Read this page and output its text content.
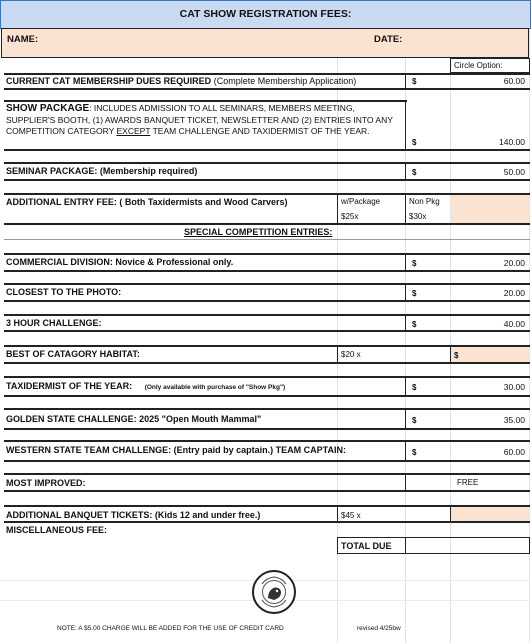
CAT SHOW REGISTRATION FEES:
NAME:	DATE:
Circle Option:
CURRENT CAT MEMBERSHIP DUES REQUIRED (Complete Membership Application)	$	60.00
SHOW PACKAGE: INCLUDES ADMISSION TO ALL SEMINARS, MEMBERS MEETING, SUPPLIER'S BOOTH, (1) AWARDS BANQUET TICKET, NEWSLETTER AND (2) ENTRIES INTO ANY COMPETITION CATEGORY EXCEPT TEAM CHALLENGE AND TAXIDERMIST OF THE YEAR.
$	140.00
SEMINAR PACKAGE: (Membership required)	$	50.00
ADDITIONAL ENTRY FEE: ( Both Taxidermists and Wood Carvers)	w/Package	Non Pkg
$25x	$30x
SPECIAL COMPETITION ENTRIES:
COMMERCIAL DIVISION: Novice & Professional only.	$	20.00
CLOSEST TO THE PHOTO:	$	20.00
3 HOUR CHALLENGE:	$	40.00
BEST OF CATAGORY HABITAT:	$20 x	$
TAXIDERMIST OF THE YEAR: (Only available with purchase of "Show Pkg")	$	30.00
GOLDEN STATE CHALLENGE: 2025 "Open Mouth Mammal"	$	35.00
WESTERN STATE TEAM CHALLENGE: (Entry paid by captain.) TEAM CAPTAIN:	$	60.00
MOST IMPROVED:	FREE
ADDITIONAL BANQUET TICKETS: (Kids 12 and under free.)	$45 x
MISCELLANEOUS FEE:
TOTAL DUE
NOTE: A $5.00 CHARGE WILL BE ADDED FOR THE USE OF CREDIT CARD	revised 4/25bw
